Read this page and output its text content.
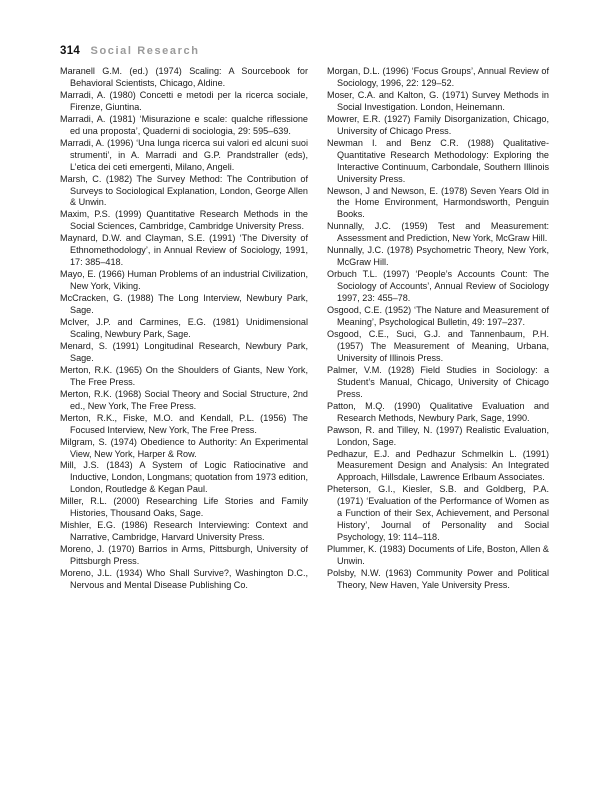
314 Social Research

Maranell G.M. (ed.) (1974) Scaling: A Sourcebook for Behavioral Scientists, Chicago, Aldine.

Marradi, A. (1980) Concetti e metodi per la ricerca sociale, Firenze, Giuntina.

Marradi, A. (1981) ‘Misurazione e scale: qualche riflessione ed una proposta’, Quaderni di sociologia, 29: 595–639.

Marradi, A. (1996) ‘Una lunga ricerca sui valori ed alcuni suoi strumenti’, in A. Marradi and G.P. Prandstraller (eds), L’etica dei ceti emergenti, Milano, Angeli.

Marsh, C. (1982) The Survey Method: The Contribution of Surveys to Sociological Explanation, London, George Allen & Unwin.

Maxim, P.S. (1999) Quantitative Research Methods in the Social Sciences, Cambridge, Cambridge University Press.

Maynard, D.W. and Clayman, S.E. (1991) ‘The Diversity of Ethnomethodology’, in Annual Review of Sociology, 1991, 17: 385–418.

Mayo, E. (1966) Human Problems of an industrial Civilization, New York, Viking.

McCracken, G. (1988) The Long Interview, Newbury Park, Sage.

McIver, J.P. and Carmines, E.G. (1981) Unidimensional Scaling, Newbury Park, Sage.

Menard, S. (1991) Longitudinal Research, Newbury Park, Sage.

Merton, R.K. (1965) On the Shoulders of Giants, New York, The Free Press.

Merton, R.K. (1968) Social Theory and Social Structure, 2nd ed., New York, The Free Press.

Merton, R.K., Fiske, M.O. and Kendall, P.L. (1956) The Focused Interview, New York, The Free Press.

Milgram, S. (1974) Obedience to Authority: An Experimental View, New York, Harper & Row.

Mill, J.S. (1843) A System of Logic Ratiocinative and Inductive, London, Longmans; quotation from 1973 edition, London, Routledge & Kegan Paul.

Miller, R.L. (2000) Researching Life Stories and Family Histories, Thousand Oaks, Sage.

Mishler, E.G. (1986) Research Interviewing: Context and Narrative, Cambridge, Harvard University Press.

Moreno, J. (1970) Barrios in Arms, Pittsburgh, University of Pittsburgh Press.

Moreno, J.L. (1934) Who Shall Survive?, Washington D.C., Nervous and Mental Disease Publishing Co.

Morgan, D.L. (1996) ‘Focus Groups’, Annual Review of Sociology, 1996, 22: 129–52.

Moser, C.A. and Kalton, G. (1971) Survey Methods in Social Investigation. London, Heinemann.

Mowrer, E.R. (1927) Family Disorganization, Chicago, University of Chicago Press.

Newman I. and Benz C.R. (1988) Qualitative-Quantitative Research Methodology: Exploring the Interactive Continuum, Carbondale, Southern Illinois University Press.

Newson, J and Newson, E. (1978) Seven Years Old in the Home Environment, Harmondsworth, Penguin Books.

Nunnally, J.C. (1959) Test and Measurement: Assessment and Prediction, New York, McGraw Hill.

Nunnally, J.C. (1978) Psychometric Theory, New York, McGraw Hill.

Orbuch T.L. (1997) ‘People’s Accounts Count: The Sociology of Accounts’, Annual Review of Sociology 1997, 23: 455–78.

Osgood, C.E. (1952) ‘The Nature and Measurement of Meaning’, Psychological Bulletin, 49: 197–237.

Osgood, C.E., Suci, G.J. and Tannenbaum, P.H. (1957) The Measurement of Meaning, Urbana, University of Illinois Press.

Palmer, V.M. (1928) Field Studies in Sociology: a Student’s Manual, Chicago, University of Chicago Press.

Patton, M.Q. (1990) Qualitative Evaluation and Research Methods, Newbury Park, Sage, 1990.

Pawson, R. and Tilley, N. (1997) Realistic Evaluation, London, Sage.

Pedhazur, E.J. and Pedhazur Schmelkin L. (1991) Measurement Design and Analysis: An Integrated Approach, Hillsdale, Lawrence Erlbaum Associates.

Pheterson, G.I., Kiesler, S.B. and Goldberg, P.A. (1971) ‘Evaluation of the Performance of Women as a Function of their Sex, Achievement, and Personal History’, Journal of Personality and Social Psychology, 19: 114–118.

Plummer, K. (1983) Documents of Life, Boston, Allen & Unwin.

Polsby, N.W. (1963) Community Power and Political Theory, New Haven, Yale University Press.
